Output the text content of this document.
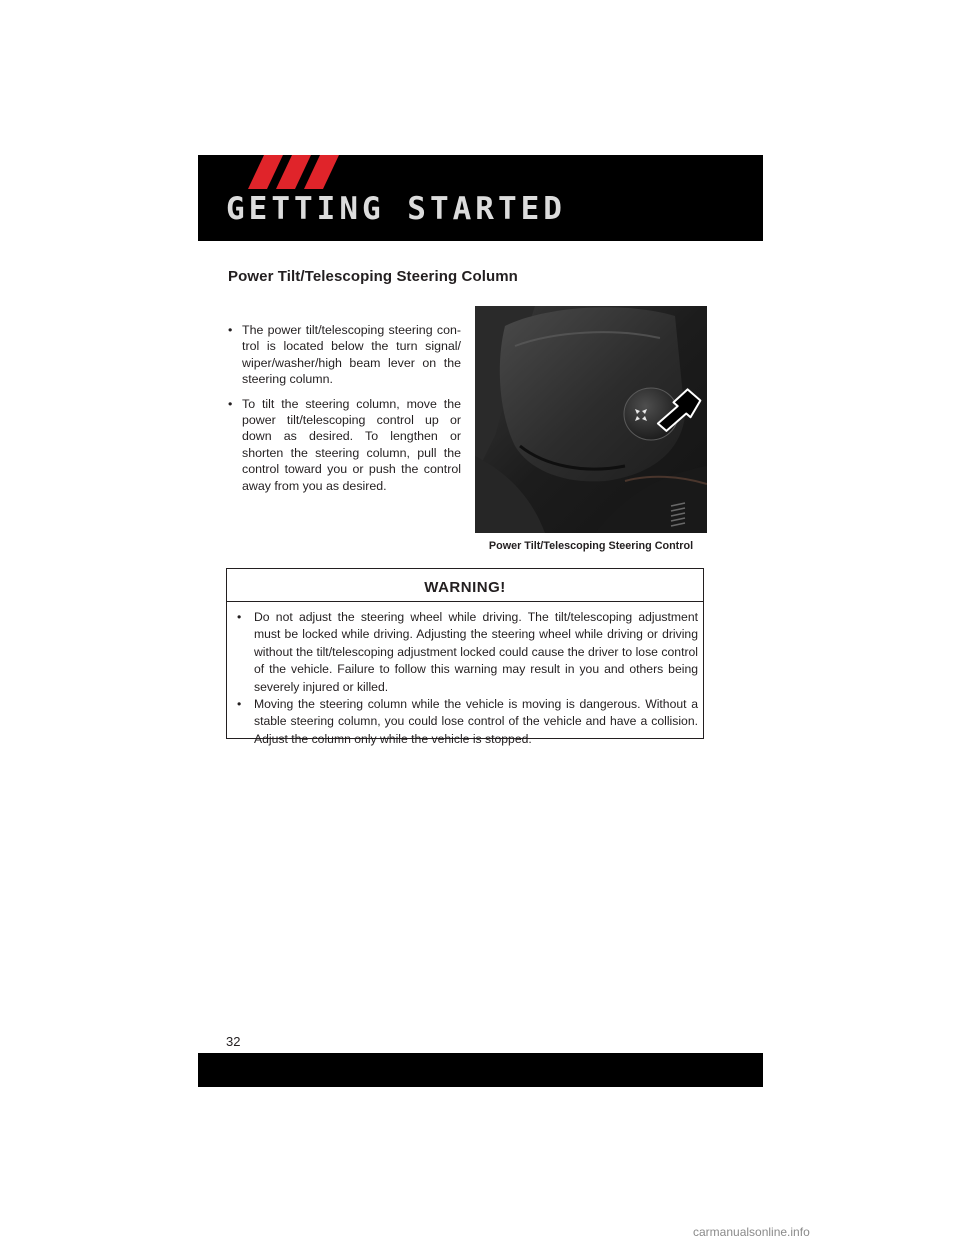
GETTING STARTED
Power Tilt/Telescoping Steering Column
• The power tilt/telescoping steering con-trol is located below the turn signal/ wiper/washer/high beam lever on the steering column.
• To tilt the steering column, move the power tilt/telescoping control up or down as desired. To lengthen or shorten the steering column, pull the control toward you or push the control away from you as desired.
Power Tilt/Telescoping Steering Control
WARNING!
• Do not adjust the steering wheel while driving. The tilt/telescoping adjustment must be locked while driving. Adjusting the steering wheel while driving or driving without the tilt/telescoping adjustment locked could cause the driver to lose control of the vehicle. Failure to follow this warning may result in you and others being severely injured or killed.
• Moving the steering column while the vehicle is moving is dangerous. Without a stable steering column, you could lose control of the vehicle and have a collision. Adjust the column only while the vehicle is stopped.
32
carmanualsonline.info
